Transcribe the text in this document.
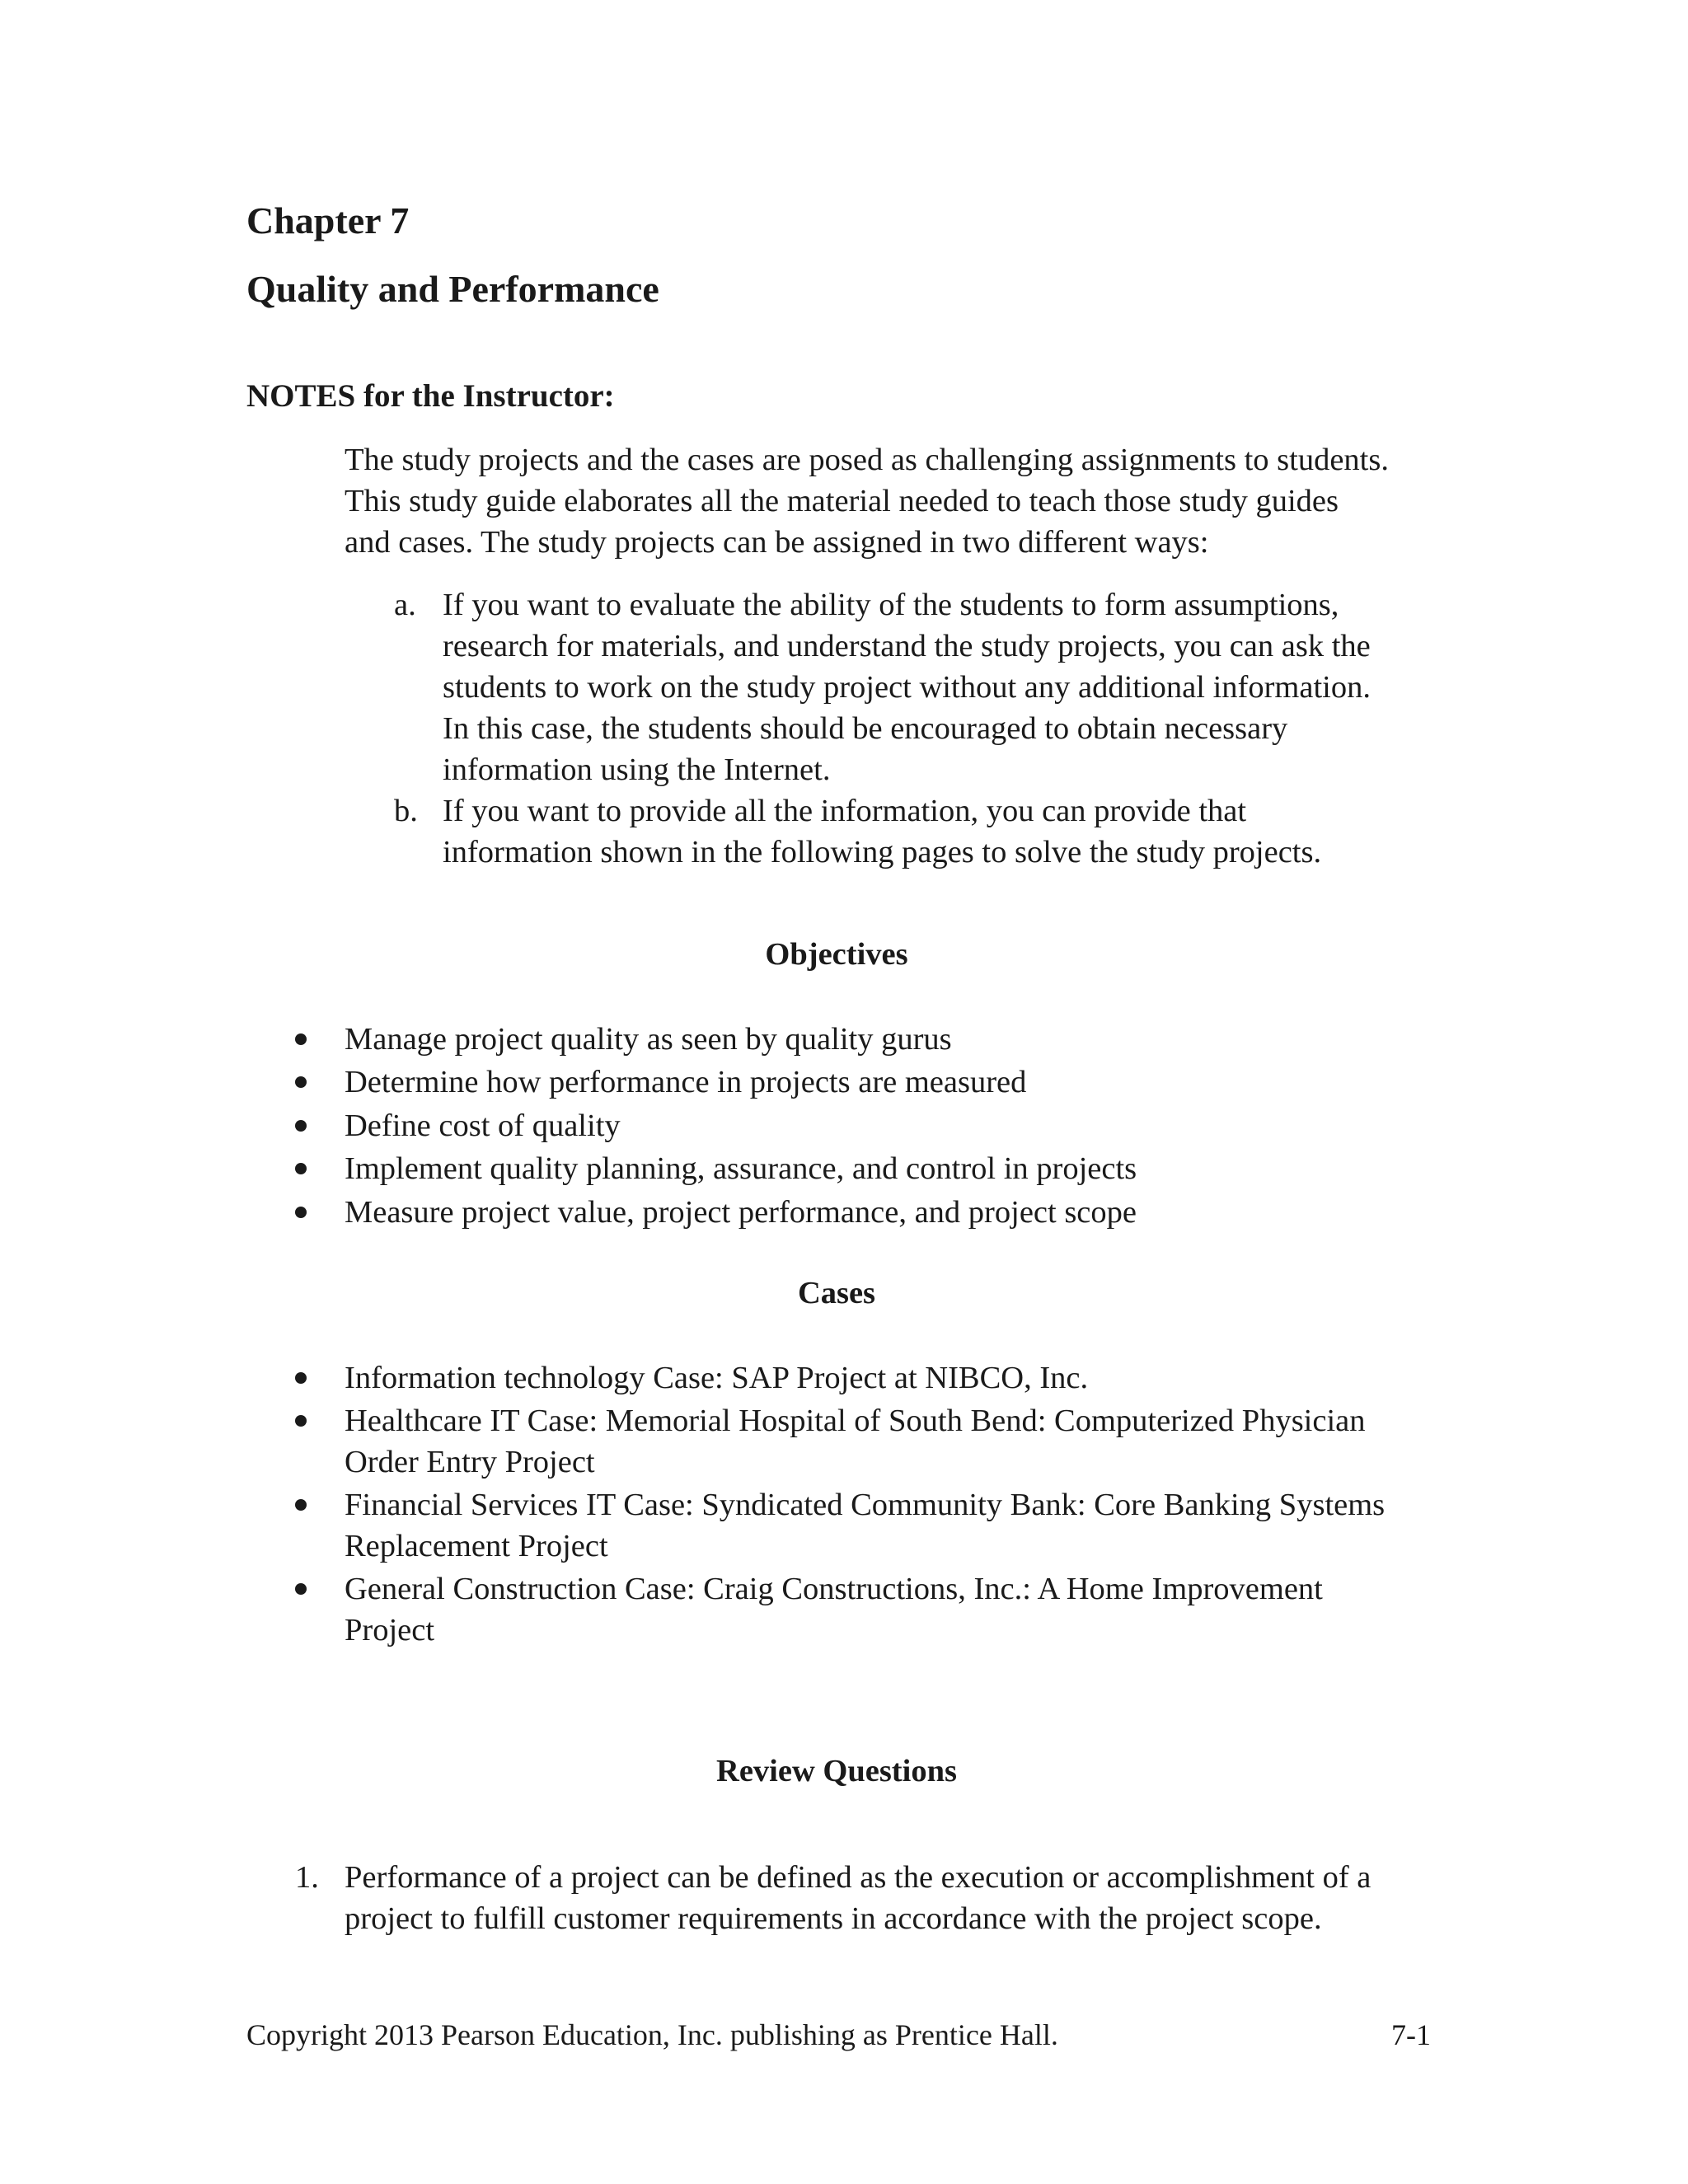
Chapter 7
Quality and Performance
NOTES for the Instructor:

The study projects and the cases are posed as challenging assignments to students.

This study guide elaborates all the material needed to teach those study guides

and cases. The study projects can be assigned in two different ways:

a. If you want to evaluate the ability of the students to form assumptions,

research for materials, and understand the study projects, you can ask the

students to work on the study project without any additional information.

In this case, the students should be encouraged to obtain necessary

information using the Internet.

b. If you want to provide all the information, you can provide that

information shown in the following pages to solve the study projects.

Objectives

Manage project quality as seen by quality gurus

Determine how performance in projects are measured

Define cost of quality

Implement quality planning, assurance, and control in projects

Measure project value, project performance, and project scope

Cases

Information technology Case: SAP Project at NIBCO, Inc.

Healthcare IT Case: Memorial Hospital of South Bend: Computerized Physician

Order Entry Project

Financial Services IT Case: Syndicated Community Bank: Core Banking Systems

Replacement Project

General Construction Case: Craig Constructions, Inc.: A Home Improvement

Project

Review Questions
1. Performance of a project can be defined as the execution or accomplishment of a

project to fulfill customer requirements in accordance with the project scope.

Copyright 2013 Pearson Education, Inc. publishing as Prentice Hall.	7-1
